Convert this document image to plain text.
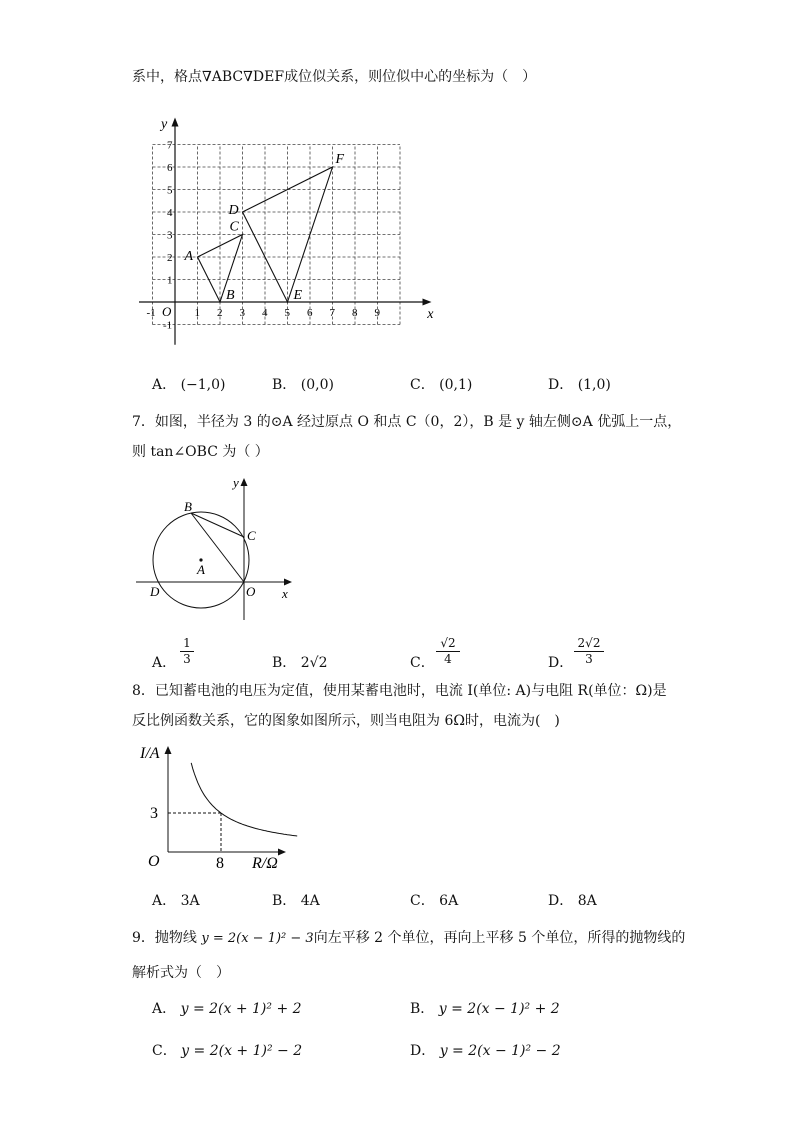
系中，格点∇ABC∇DEF成位似关系，则位似中心的坐标为（　）
-1	1 2 3 4 5 6 7 8 9
-1
1
2
3
4
5
6
7
O	x
y
A
B
C
D
E
F
A． (−1,0)	B． (0,0)	C． (0,1)	D． (1,0)
7．如图，半径为 3 的⊙A 经过原点 O 和点 C（0，2），B 是 y 轴左侧⊙A 优弧上一点，
则 tan∠OBC 为（ ）
B
C
A
D	O x
y
A．
1
3	B． 2√2	C．
√2
4	D．
2√2
3
8．已知蓄电池的电压为定值，使用某蓄电池时，电流 I(单位: A)与电阻 R(单位：Ω)是
反比例函数关系，它的图象如图所示，则当电阻为 6Ω时，电流为(　)
I/A
3
8
O	R/Ω
A． 3A	B． 4A	C． 6A	D． 8A
9．抛物线 y = 2(x − 1)² − 3向左平移 2 个单位，再向上平移 5 个单位，所得的抛物线的
解析式为（　）
A． y = 2(x + 1)² + 2	B． y = 2(x − 1)² + 2
C． y = 2(x + 1)² − 2	D． y = 2(x − 1)² − 2
